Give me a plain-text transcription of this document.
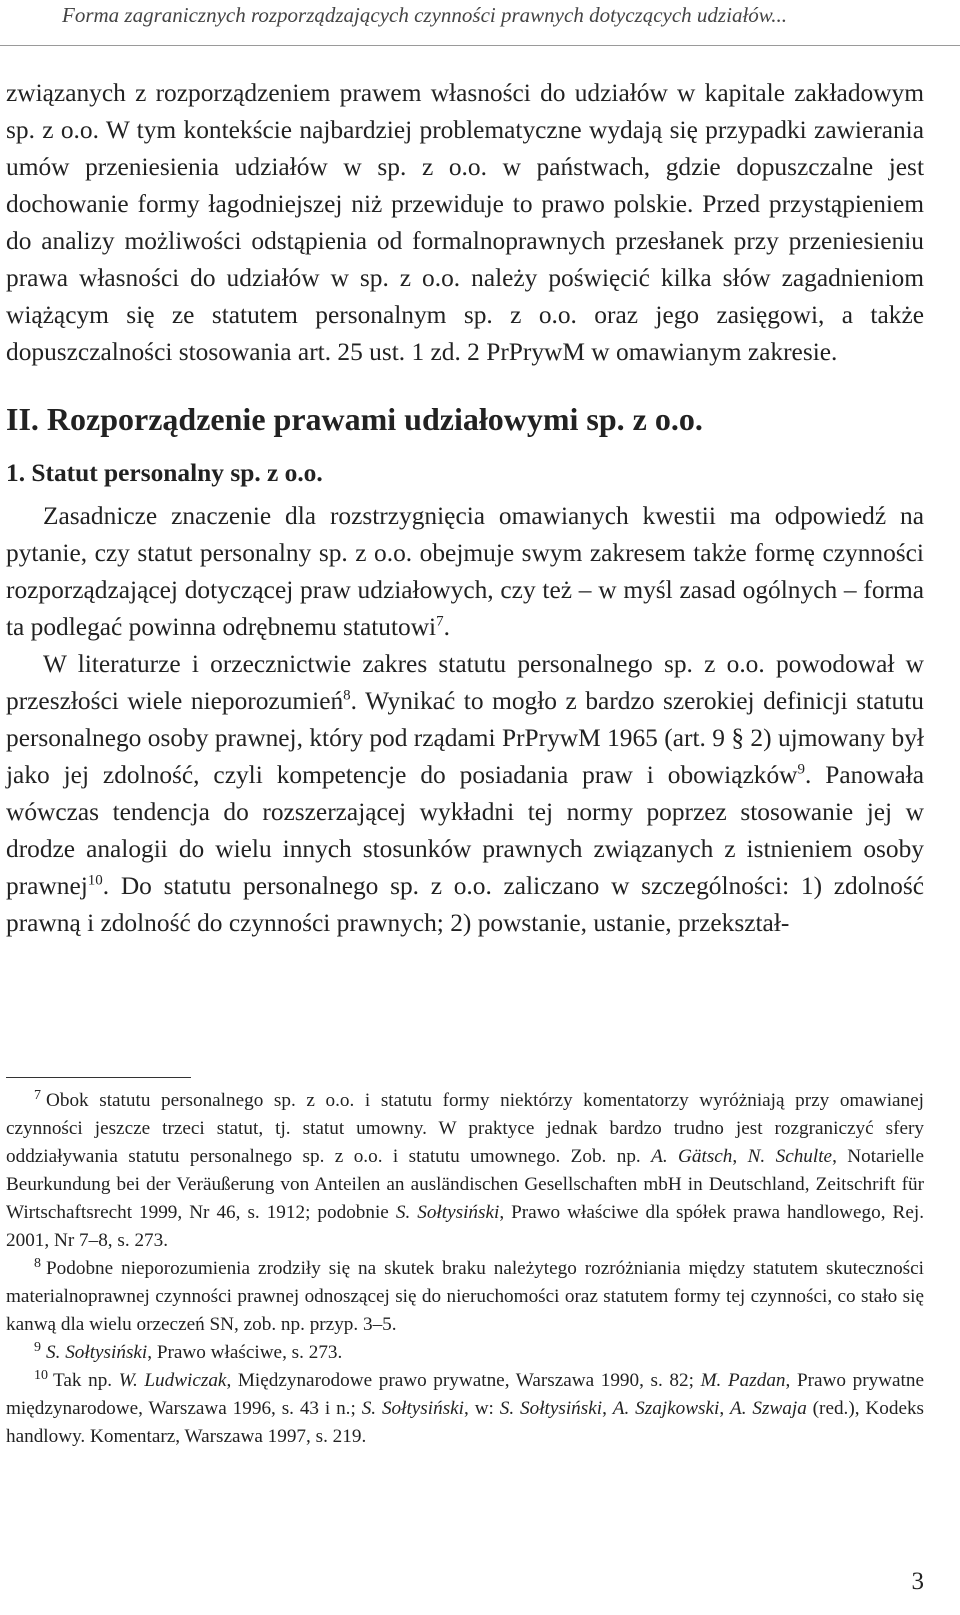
Forma zagranicznych rozporządzających czynności prawnych dotyczących udziałów...

związanych z rozporządzeniem prawem własności do udziałów w kapitale zakładowym sp. z o.o. W tym kontekście najbardziej problematyczne wydają się przypadki zawierania umów przeniesienia udziałów w sp. z o.o. w państwach, gdzie dopuszczalne jest dochowanie formy łagodniejszej niż przewiduje to prawo polskie. Przed przystąpieniem do analizy możliwości odstąpienia od formalnoprawnych przesłanek przy przeniesieniu prawa własności do udziałów w sp. z o.o. należy poświęcić kilka słów zagadnieniom wiążącym się ze statutem personalnym sp. z o.o. oraz jego zasięgowi, a także dopuszczalności stosowania art. 25 ust. 1 zd. 2 PrPrywM w omawianym zakresie.

II. Rozporządzenie prawami udziałowymi sp. z o.o.

1. Statut personalny sp. z o.o.

Zasadnicze znaczenie dla rozstrzygnięcia omawianych kwestii ma odpowiedź na pytanie, czy statut personalny sp. z o.o. obejmuje swym zakresem także formę czynności rozporządzającej dotyczącej praw udziałowych, czy też – w myśl zasad ogólnych – forma ta podlegać powinna odrębnemu statutowi$^7$.

W literaturze i orzecznictwie zakres statutu personalnego sp. z o.o. powodował w przeszłości wiele nieporozumień$^8$. Wynikać to mogło z bardzo szerokiej definicji statutu personalnego osoby prawnej, który pod rządami PrPrywM 1965 (art. 9 § 2) ujmowany był jako jej zdolność, czyli kompetencje do posiadania praw i obowiązków$^9$. Panowała wówczas tendencja do rozszerzającej wykładni tej normy poprzez stosowanie jej w drodze analogii do wielu innych stosunków prawnych związanych z istnieniem osoby prawnej$^{10}$. Do statutu personalnego sp. z o.o. zaliczano w szczególności: 1) zdolność prawną i zdolność do czynności prawnych; 2) powstanie, ustanie, przekształ-

$^7$ Obok statutu personalnego sp. z o.o. i statutu formy niektórzy komentatorzy wyróżniają przy omawianej czynności jeszcze trzeci statut, tj. statut umowny. W praktyce jednak bardzo trudno jest rozgraniczyć sfery oddziaływania statutu personalnego sp. z o.o. i statutu umownego. Zob. np. A. Gätsch, N. Schulte, Notarielle Beurkundung bei der Veräußerung von Anteilen an ausländischen Gesellschaften mbH in Deutschland, Zeitschrift für Wirtschaftsrecht 1999, Nr 46, s. 1912; podobnie S. Sołtysiński, Prawo właściwe dla spółek prawa handlowego, Rej. 2001, Nr 7–8, s. 273.

$^8$ Podobne nieporozumienia zrodziły się na skutek braku należytego rozróżniania między statutem skuteczności materialnoprawnej czynności prawnej odnoszącej się do nieruchomości oraz statutem formy tej czynności, co stało się kanwą dla wielu orzeczeń SN, zob. np. przyp. 3–5.

$^9$ S. Sołtysiński, Prawo właściwe, s. 273.

$^{10}$ Tak np. W. Ludwiczak, Międzynarodowe prawo prywatne, Warszawa 1990, s. 82; M. Pazdan, Prawo prywatne międzynarodowe, Warszawa 1996, s. 43 i n.; S. Sołtysiński, w: S. Sołtysiński, A. Szajkowski, A. Szwaja (red.), Kodeks handlowy. Komentarz, Warszawa 1997, s. 219.

3
